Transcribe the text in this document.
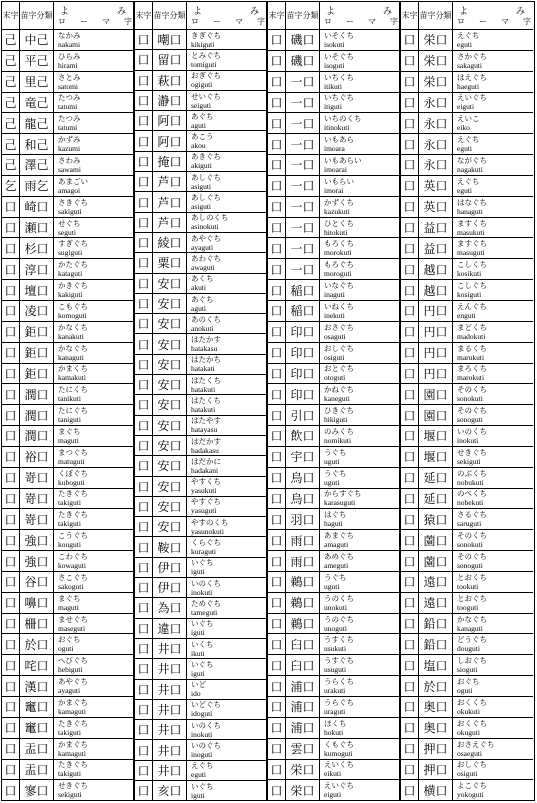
末字 苗字分類 よ	み
ロ ー マ 字
己 中己	なかみ
nakami
己 平己	ひらみ
hirami
己 里己	さとみ
satomi
己 竜己	たつみ
tatumi
己 龍己	たつみ
tatumi
己 和己	かずみ
kazumi
己 澤己	さわみ
sawami
乞 雨乞	あまごい
amagoi
口 崎口	さきぐち
sakiguti
口 瀬口	せぐち
seguti
口 杉口	すぎぐち
sugiguti
口 淳口	かたぐち
kataguti
口 壇口	かきぐち
kakiguti
口 凌口	こもぐち
komoguti
口 鉅口	かなくち
kanakuti
口 鉅口	かなぐち
kanaguti
口 鉅口	かまくち
kamakuti
口 潤口	たにくち
tanikuti
口 潤口	たにぐち
taniguti
口 潤口	まぐち
maguti
口 裕口	まつぐち
matuguti
口 嵜口	くぼぐち
kuboguti
口 嵜口	たきぐち
takiguti
口 嵜口	たきぐち
takiguti
口 強口	こうぐち
kouguti
口 強口	こわぐち
kowaguti
口 谷口	さこぐち
sakoguti
口 嚊口	まぐち
maguti
口 柵口	ませぐち
maseguti
口 於口	おぐち
oguti
口 咤口	へびぐち
hebiguti
口 漢口	あやぐち
ayaguti
口 竃口	かまぐち
kamaguti
口 竃口	たきぐち
takiguti
口 盂口	かまぐち
kamaguti
口 盂口	たきぐち
takiguti
口 寥口	せきぐち
sekiguti
末字 苗字分類 よ	み
ロ ー マ 字
口 嘲口	きぎぐち
kikiguti
口 留口	とみぐち
tomiguti
口 萩口	おぎぐち
ogiguti
口 瀞口	せいぐち
seiguti
口 阿口	あぐち
aguti
口 阿口	あこう
akou
口 掩口	あきぐち
akiguti
口 芦口	あしぐち
asiguti
口 芦口	あしぐち
asiguti
口 芦口	あしのくち
asinokuti
口 綾口	あやぐち
ayaguti
口 粟口	あわぐち
awaguti
口 安口	あくち
akuti
口 安口	あぐち
aguti
口 安口	あのくち
anokuti
口 安口	はたかす
hatakasu
口 安口	はたかち
hatakati
口 安口	はたくち
hatakuti
口 安口	はたくち
hatakuti
口 安口	はたやす
hatayasu
口 安口	はだかす
hadakasu
口 安口	はだかに
hadakani
口 安口	やすくち
yasukuti
口 安口	やすぐち
yasuguti
口 安口	やすのくち
yasunokuti
口 鞍口	くらぐち
kuraguti
口 伊口	いぐち
iguti
口 伊口	いのくち
inokuti
口 為口	ためぐち
tameguti
口 違口	いぐち
iguti
口 井口	いくち
ikuti
口 井口	いぐち
iguti
口 井口	いど
ido
口 井口	いどぐち
idoguti
口 井口	いのくち
inokuti
口 井口	いのぐち
inoguti
口 井口	えぐち
eguti
口 亥口	いぐち
iguti
末字 苗字分類 よ	み
ロ ー マ 字
口 磯口	いそくち
isokuti
口 磯口	いそぐち
isoguti
口 一口	いちくち
itikuti
口 一口	いちぐち
itiguti
口 一口	いちのくち
itinokuti
口 一口	いもあら
imoara
口 一口	いもあらい
imoarai
口 一口	いもらい
imorai
口 一口	かずくち
kazukuti
口 一口	ひとくち
hitokuti
口 一口	もろくち
morokuti
口 一口	もろぐち
moroguti
口 稲口	いなぐち
inaguti
口 稲口	いねくち
inekuti
口 印口	おさぐち
osaguti
口 印口	おしぐち
osiguti
口 印口	おとぐち
otoguti
口 印口	かねぐち
kaneguti
口 引口	ひきぐち
hikiguti
口 飲口	のみくち
nomikuti
口 宇口	うぐち
uguti
口 烏口	うぐち
uguti
口 烏口	からすぐち
karasuguti
口 羽口	はぐち
haguti
口 雨口	あまぐち
amaguti
口 雨口	あめぐち
ameguti
口 鵜口	うぐち
uguti
口 鵜口	うのくち
unokuti
口 鵜口	うのぐち
unoguti
口 臼口	うすくち
usukuti
口 臼口	うすぐち
usuguti
口 浦口	うらくち
urakuti
口 浦口	うらぐち
uraguti
口 浦口	ほくち
hokuti
口 雲口	くもぐち
kumoguti
口 栄口	えいくち
eikuti
口 栄口	えいぐち
eiguti
末字 苗字分類 よ	み
ロ ー マ 字
口 栄口	えぐち
eguti
口 栄口	さかぐち
sakaguti
口 栄口	はえぐち
haeguti
口 永口	えいぐち
eiguti
口 永口	えいこ
eiko
口 永口	えぐち
eguti
口 永口	ながぐち
nagakuti
口 英口	えぐち
eguti
口 英口	はなぐち
hanaguti
口 益口	ますくち
masukuti
口 益口	ますぐち
masuguti
口 越口	こしくち
kosikuti
口 越口	こしぐち
kosiguti
口 円口	えんぐち
enguti
口 円口	まどくち
madokuti
口 円口	まるくち
marukuti
口 円口	まろくち
marokuti
口 園口	そのくち
sonokuti
口 園口	そのぐち
sonoguti
口 堰口	いのくち
inokuti
口 堰口	せきぐち
sekiguti
口 延口	のぶくち
nobukuti
口 延口	のべくち
nobekuti
口 猿口	さるぐち
saruguti
口 薗口	そのくち
sonokuti
口 薗口	そのぐち
sonoguti
口 遠口	とおくち
tookuti
口 遠口	とおぐち
tooguti
口 鉛口	かなぐち
kanaguti
口 鉛口	どうぐち
douguti
口 塩口	しおぐち
sioguti
口 於口	おぐち
oguti
口 奥口	おくくち
okukuti
口 奥口	おくぐち
okuguti
口 押口	おさえぐち
osaeguti
口 押口	おしぐち
osiguti
口 横口	よこぐち
yokoguti
